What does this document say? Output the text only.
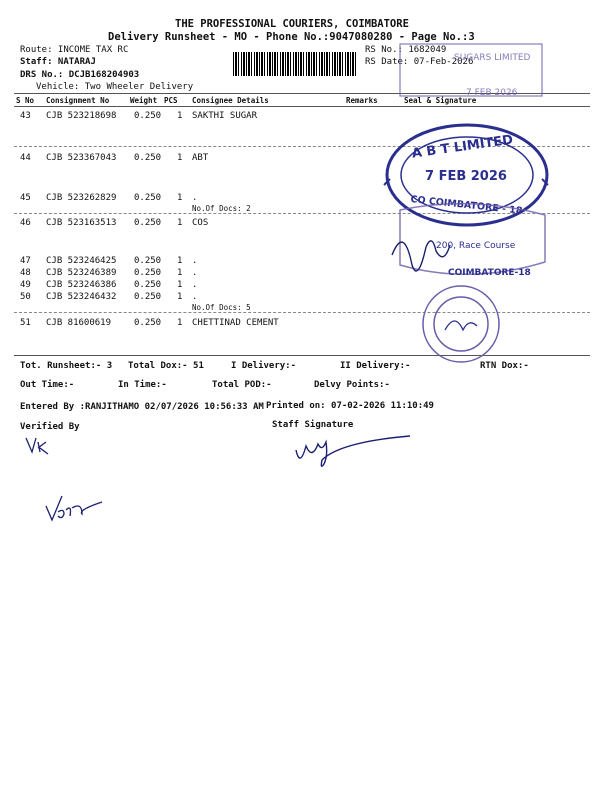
THE PROFESSIONAL COURIERS, COIMBATORE
Delivery Runsheet - MO - Phone No.:9047080280 - Page No.:3
Route: INCOME TAX RC
Staff: NATARAJ
DRS No.: DCJB168204903
Vehicle: Two Wheeler Delivery
RS No.: 1682049
RS Date: 07-Feb-2026
S No Consignment No	Weight PCS Consignee Details	Remarks	Seal & Signature
43 CJB 523218698 0.250 1 SAKTHI SUGAR
44 CJB 523367043 0.250 1 ABT
45 CJB 523262829 0.250 1 .
No.Of Docs: 2
46 CJB 523163513 0.250 1 COS
47 CJB 523246425 0.250 1 .
48 CJB 523246389 0.250 1 .
49 CJB 523246386 0.250 1 .
50 CJB 523246432 0.250 1 .
No.Of Docs: 5
51 CJB 81600619	0.250 1 CHETTINAD CEMENT
Tot. Runsheet:- 3 Total Dox:- 51	I Delivery:-	II Delivery:-	RTN Dox:-
Out Time:-	In Time:-	Total POD:-	Delvy Points:-
Entered By :RANJITHAMO 02/07/2026 10:56:33 AM Printed on: 07-02-2026 11:10:49
Verified By	Staff Signature
SUGARS LIMITED
7 FEB 2026
A B T LIMITED
7 FEB 2026
CO COIMBATORE - 18
200, Race Course
COIMBATORE-18
